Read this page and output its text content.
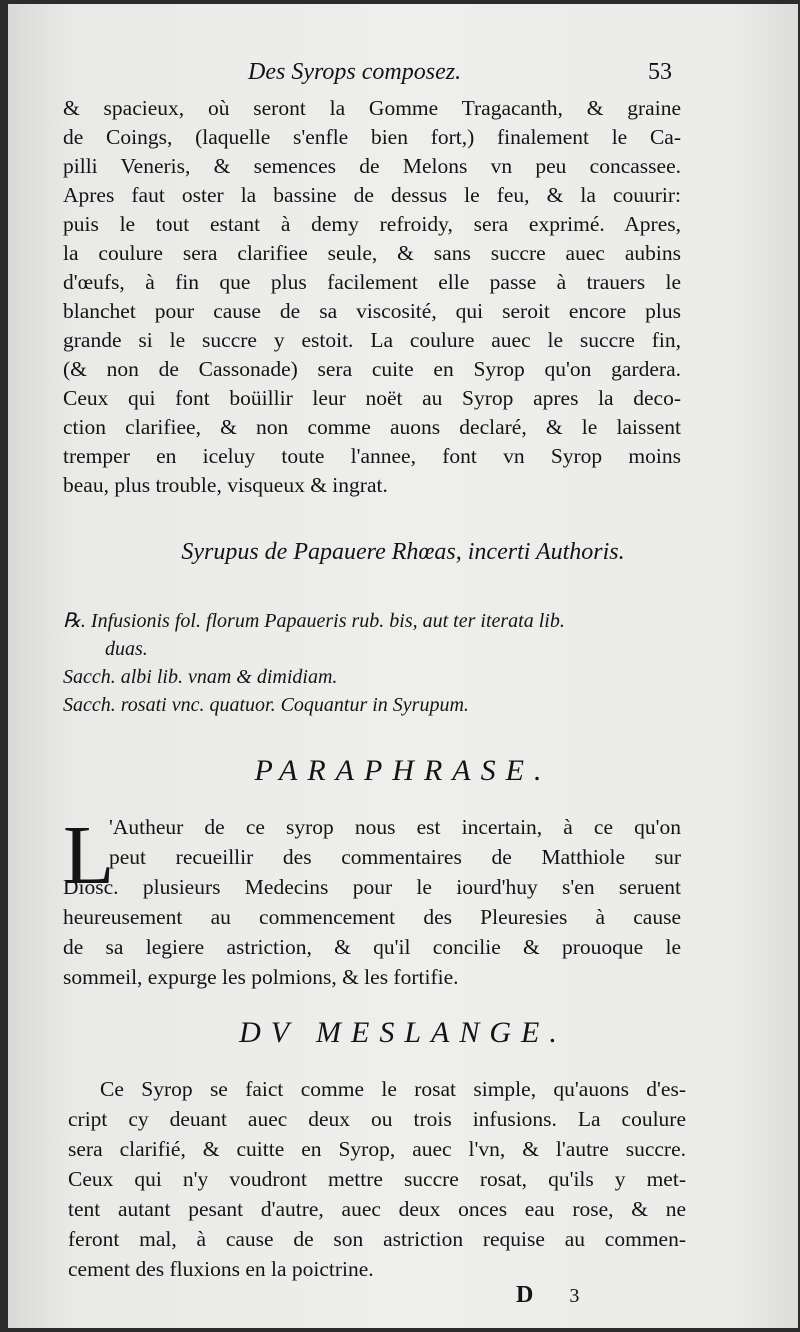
Des Syrops composez.	53
& spacieux, où seront la Gomme Tragacanth, & graine
de Coings, (laquelle s'enfle bien fort,) finalement le Ca-
pilli Veneris, & semences de Melons vn peu concassee.
Apres faut oster la bassine de dessus le feu, & la couurir:
puis le tout estant à demy refroidy, sera exprimé. Apres,
la coulure sera clarifiee seule, & sans succre auec aubins
d'œufs, à fin que plus facilement elle passe à trauers le
blanchet pour cause de sa viscosité, qui seroit encore plus
grande si le succre y estoit. La coulure auec le succre fin,
(& non de Cassonade) sera cuite en Syrop qu'on gardera.
Ceux qui font boüillir leur noët au Syrop apres la deco-
ction clarifiee, & non comme auons declaré, & le laissent
tremper en iceluy toute l'annee, font vn Syrop moins
beau, plus trouble, visqueux & ingrat.
Syrupus de Papauere Rhœas, incerti Authoris.
℞. Infusionis fol. florum Papaueris rub. bis, aut ter iterata lib.
duas.
Sacch. albi lib. vnam & dimidiam.
Sacch. rosati vnc. quatuor. Coquantur in Syrupum.
PARAPHRASE.
L
'Autheur de ce syrop nous est incertain, à ce qu'on
peut recueillir des commentaires de Matthiole sur
Diosc. plusieurs Medecins pour le iourd'huy s'en seruent
heureusement au commencement des Pleuresies à cause
de sa legiere astriction, & qu'il concilie & prouoque le
sommeil, expurge les polmions, & les fortifie.
DV MESLANGE.
Ce Syrop se faict comme le rosat simple, qu'auons d'es-
cript cy deuant auec deux ou trois infusions. La coulure
sera clarifié, & cuitte en Syrop, auec l'vn, & l'autre succre.
Ceux qui n'y voudront mettre succre rosat, qu'ils y met-
tent autant pesant d'autre, auec deux onces eau rose, & ne
feront mal, à cause de son astriction requise au commen-
cement des fluxions en la poictrine.
D 3
